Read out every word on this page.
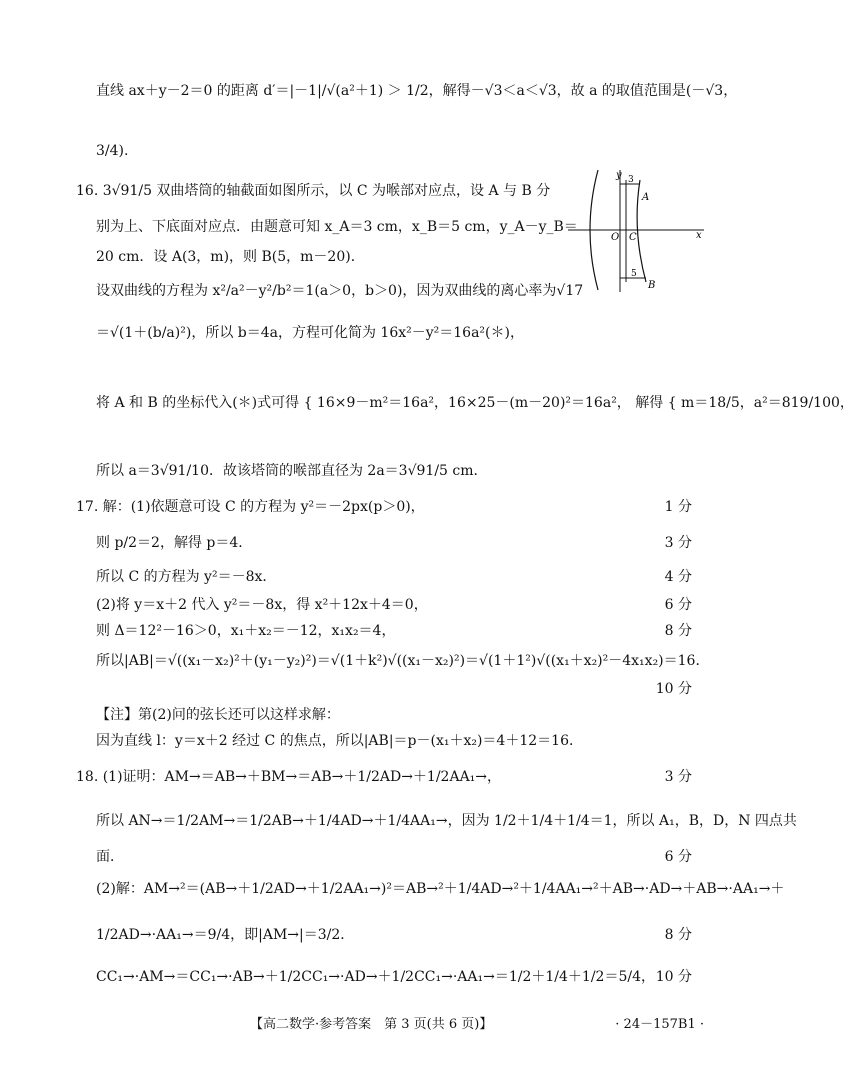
直线 ax＋y－2＝0 的距离 d′＝|－1|/√(a²＋1) ＞ 1/2，解得－√3＜a＜√3，故 a 的取值范围是(－√3，
3/4).
16. 3√91/5 双曲塔筒的轴截面如图所示，以 C 为喉部对应点，设 A 与 B 分
别为上、下底面对应点．由题意可知 x_A＝3 cm，x_B＝5 cm，y_A－y_B＝
20 cm．设 A(3，m)，则 B(5，m－20)．
设双曲线的方程为 x²/a²－y²/b²＝1(a＞0，b＞0)，因为双曲线的离心率为√17
＝√(1＋(b/a)²)，所以 b＝4a，方程可化简为 16x²－y²＝16a²(＊)，
将 A 和 B 的坐标代入(＊)式可得 { 16×9－m²＝16a²，16×25－(m－20)²＝16a²， 解得 { m＝18/5，a²＝819/100，
所以 a＝3√91/10．故该塔筒的喉部直径为 2a＝3√91/5 cm．
17. 解：(1)依题意可设 C 的方程为 y²＝－2px(p＞0)，
则 p/2＝2，解得 p＝4．
所以 C 的方程为 y²＝－8x．
(2)将 y＝x＋2 代入 y²＝－8x，得 x²＋12x＋4＝0，
则 Δ＝12²－16＞0，x₁＋x₂＝－12，x₁x₂＝4，
所以|AB|＝√((x₁－x₂)²＋(y₁－y₂)²)＝√(1＋k²)√((x₁－x₂)²)＝√(1＋1²)√((x₁＋x₂)²－4x₁x₂)＝16．
【注】第(2)问的弦长还可以这样求解：
因为直线 l：y＝x＋2 经过 C 的焦点，所以|AB|＝p－(x₁＋x₂)＝4＋12＝16．
18. (1)证明：AM→＝AB→＋BM→＝AB→＋1/2AD→＋1/2AA₁→，
所以 AN→＝1/2AM→＝1/2AB→＋1/4AD→＋1/4AA₁→，因为 1/2＋1/4＋1/4＝1，所以 A₁，B，D，N 四点共
面．
(2)解：AM→²＝(AB→＋1/2AD→＋1/2AA₁→)²＝AB→²＋1/4AD→²＋1/4AA₁→²＋AB→·AD→＋AB→·AA₁→＋
1/2AD→·AA₁→＝9/4，即|AM→|＝3/2．
CC₁→·AM→＝CC₁→·AB→＋1/2CC₁→·AD→＋1/2CC₁→·AA₁→＝1/2＋1/4＋1/2＝5/4，
1 分
3 分
4 分
6 分
8 分
10 分
3 分
6 分
8 分
10 分
y
x
O C
A
B
3
5
【高二数学·参考答案　第 3 页(共 6 页)】	· 24－157B1 ·
